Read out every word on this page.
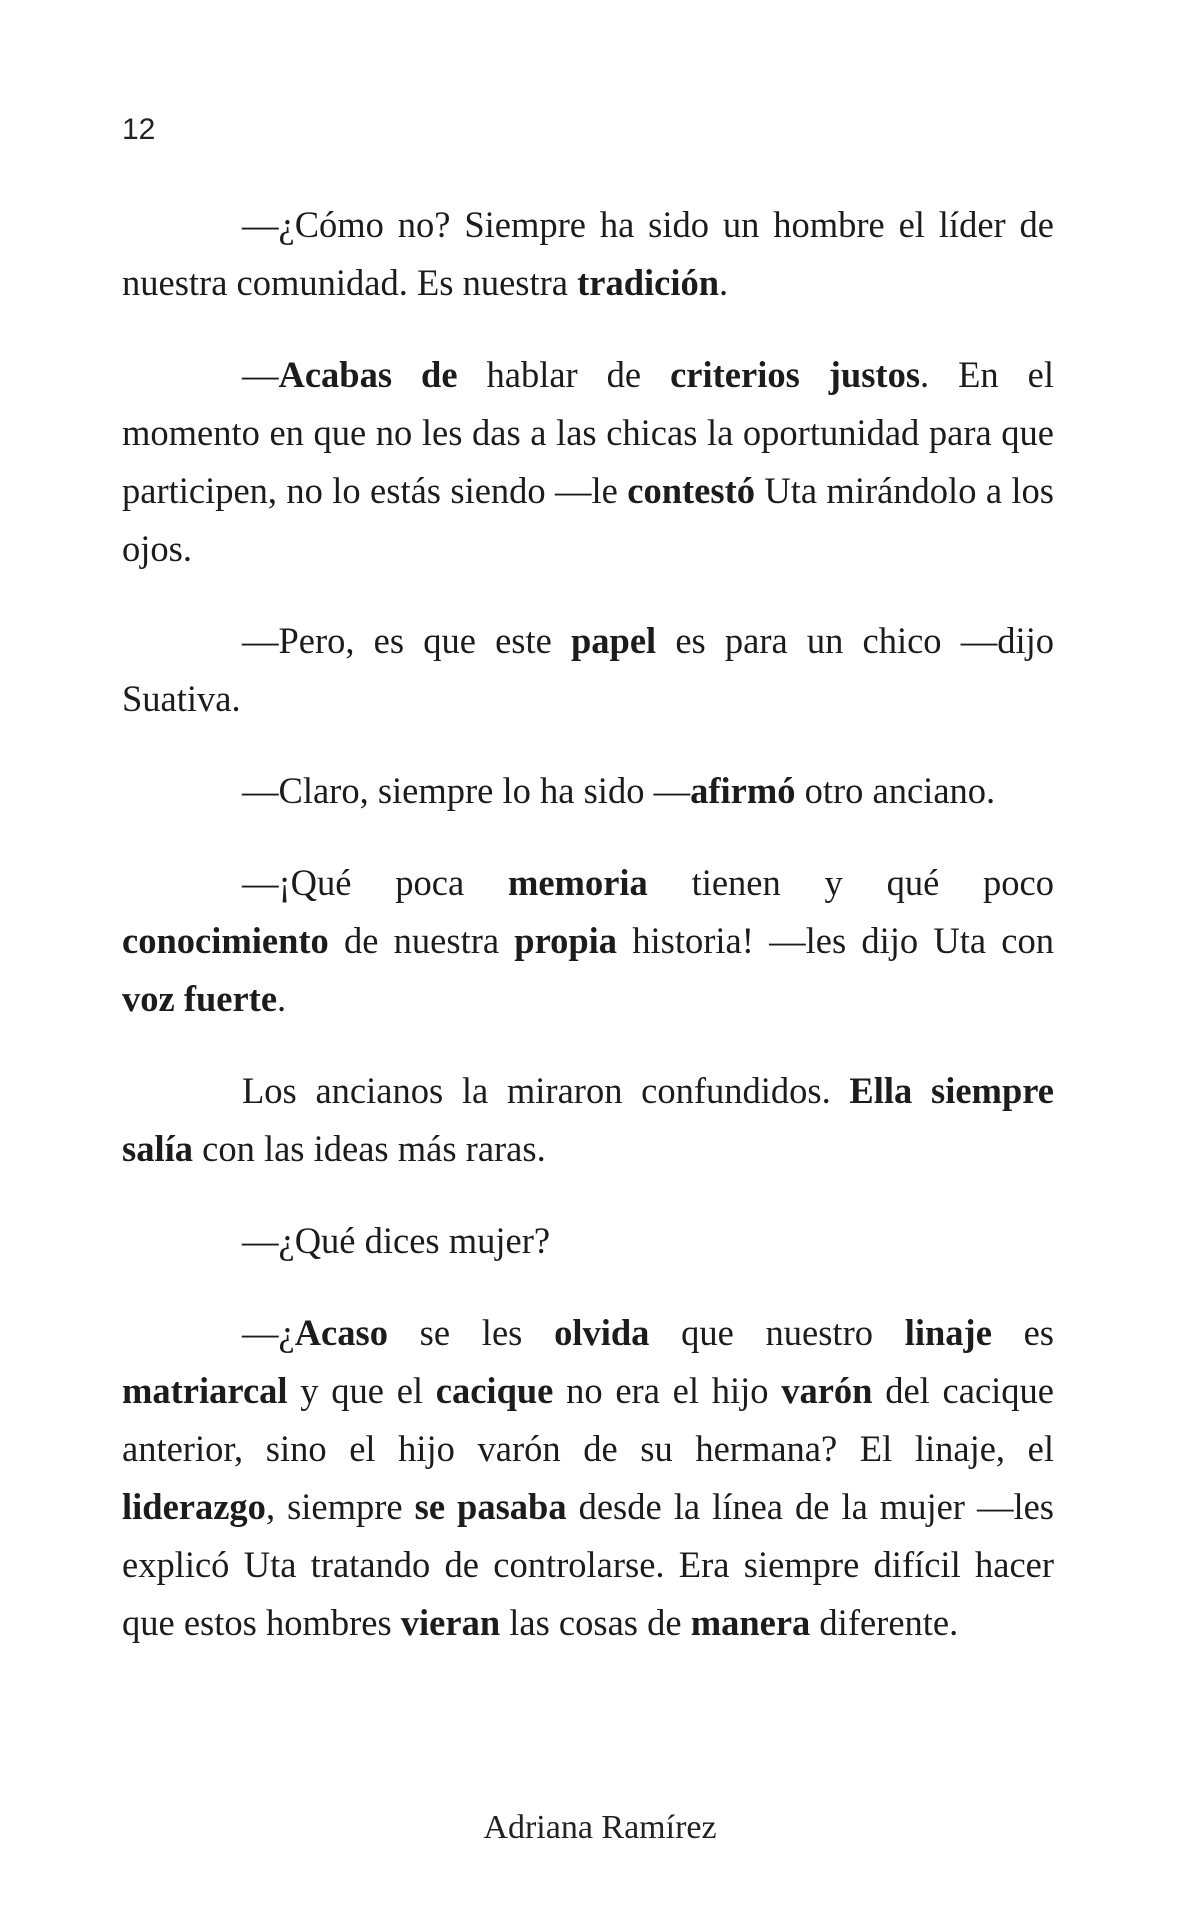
12

—¿Cómo no? Siempre ha sido un hombre el líder de nuestra comunidad. Es nuestra tradición.

—Acabas de hablar de criterios justos. En el momento en que no les das a las chicas la oportunidad para que participen, no lo estás siendo —le contestó Uta mirándolo a los ojos.

—Pero, es que este papel es para un chico —dijo Suativa.

—Claro, siempre lo ha sido —afirmó otro anciano.

—¡Qué poca memoria tienen y qué poco conocimiento de nuestra propia historia! —les dijo Uta con voz fuerte.

Los ancianos la miraron confundidos. Ella siempre salía con las ideas más raras.

—¿Qué dices mujer?

—¿Acaso se les olvida que nuestro linaje es matriarcal y que el cacique no era el hijo varón del cacique anterior, sino el hijo varón de su hermana? El linaje, el liderazgo, siempre se pasaba desde la línea de la mujer —les explicó Uta tratando de controlarse. Era siempre difícil hacer que estos hombres vieran las cosas de manera diferente.

Adriana Ramírez
